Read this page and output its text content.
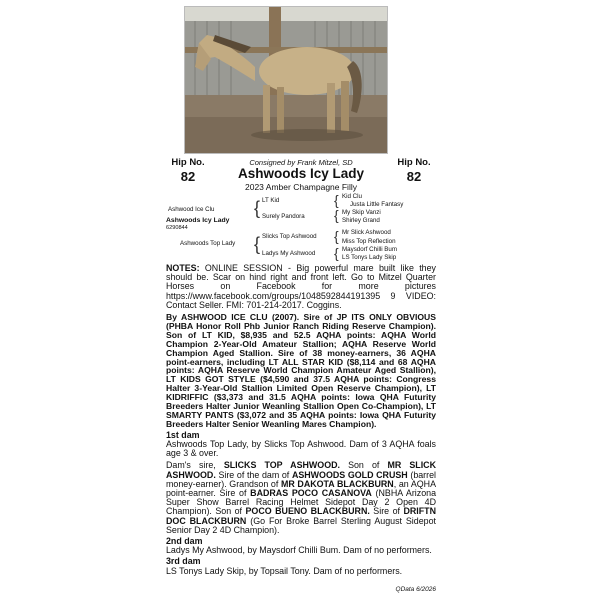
Hip No.
82
Consigned by Frank Mitzel, SD
Ashwoods Icy Lady
2023 Amber Champagne Filly
Hip No.
82
Kid Clu
Justa Little Fantasy
My Skip Vanzi
Shirley Grand
Mr Slick Ashwood
Miss Top Reflection
Maysdorf Chilli Bum
LS Tonys Lady Skip
{
{
{
{
LT Kid
Surely Pandora
Slicks Top Ashwood
Ladys My Ashwood
{
{
Ashwood Ice Clu
Ashwoods Icy Lady
6290844
Ashwoods Top Lady

NOTES: ONLINE SESSION - Big powerful mare built like they should be. Scar on hind right and front left. Go to Mitzel Quarter Horses on Facebook for more pictures https://www.facebook.com/groups/1048592844191395 9 VIDEO: Contact Seller. FMI: 701-214-2017. Coggins.

By ASHWOOD ICE CLU (2007). Sire of JP ITS ONLY OBVIOUS (PHBA Honor Roll Phb Junior Ranch Riding Reserve Champion). Son of LT KID, $8,935 and 52.5 AQHA points: AQHA World Champion 2-Year-Old Amateur Stallion; AQHA Reserve World Champion Aged Stallion. Sire of 38 money-earners, 36 AQHA point-earners, including LT ALL STAR KID ($8,114 and 68 AQHA points: AQHA Reserve World Champion Amateur Aged Stallion), LT KIDS GOT STYLE ($4,590 and 37.5 AQHA points: Congress Halter 3-Year-Old Stallion Limited Open Reserve Champion), LT KIDRIFFIC ($3,373 and 31.5 AQHA points: Iowa QHA Futurity Breeders Halter Junior Weanling Stallion Open Co-Champion), LT SMARTY PANTS ($3,072 and 35 AQHA points: Iowa QHA Futurity Breeders Halter Senior Weanling Mares Champion).

1st dam

Ashwoods Top Lady, by Slicks Top Ashwood. Dam of 3 AQHA foals age 3 & over.

Dam's sire, SLICKS TOP ASHWOOD. Son of MR SLICK ASHWOOD. Sire of the dam of ASHWOODS GOLD CRUSH (barrel money-earner). Grandson of MR DAKOTA BLACKBURN, an AQHA point-earner. Sire of BADRAS POCO CASANOVA (NBHA Arizona Super Show Barrel Racing Helmet Sidepot Day 2 Open 4D Champion). Son of POCO BUENO BLACKBURN. Sire of DRIFTN DOC BLACKBURN (Go For Broke Barrel Sterling August Sidepot Senior Day 2 4D Champion).

2nd dam

Ladys My Ashwood, by Maysdorf Chilli Bum. Dam of no performers.

3rd dam

LS Tonys Lady Skip, by Topsail Tony. Dam of no performers.

QData 6/2026
